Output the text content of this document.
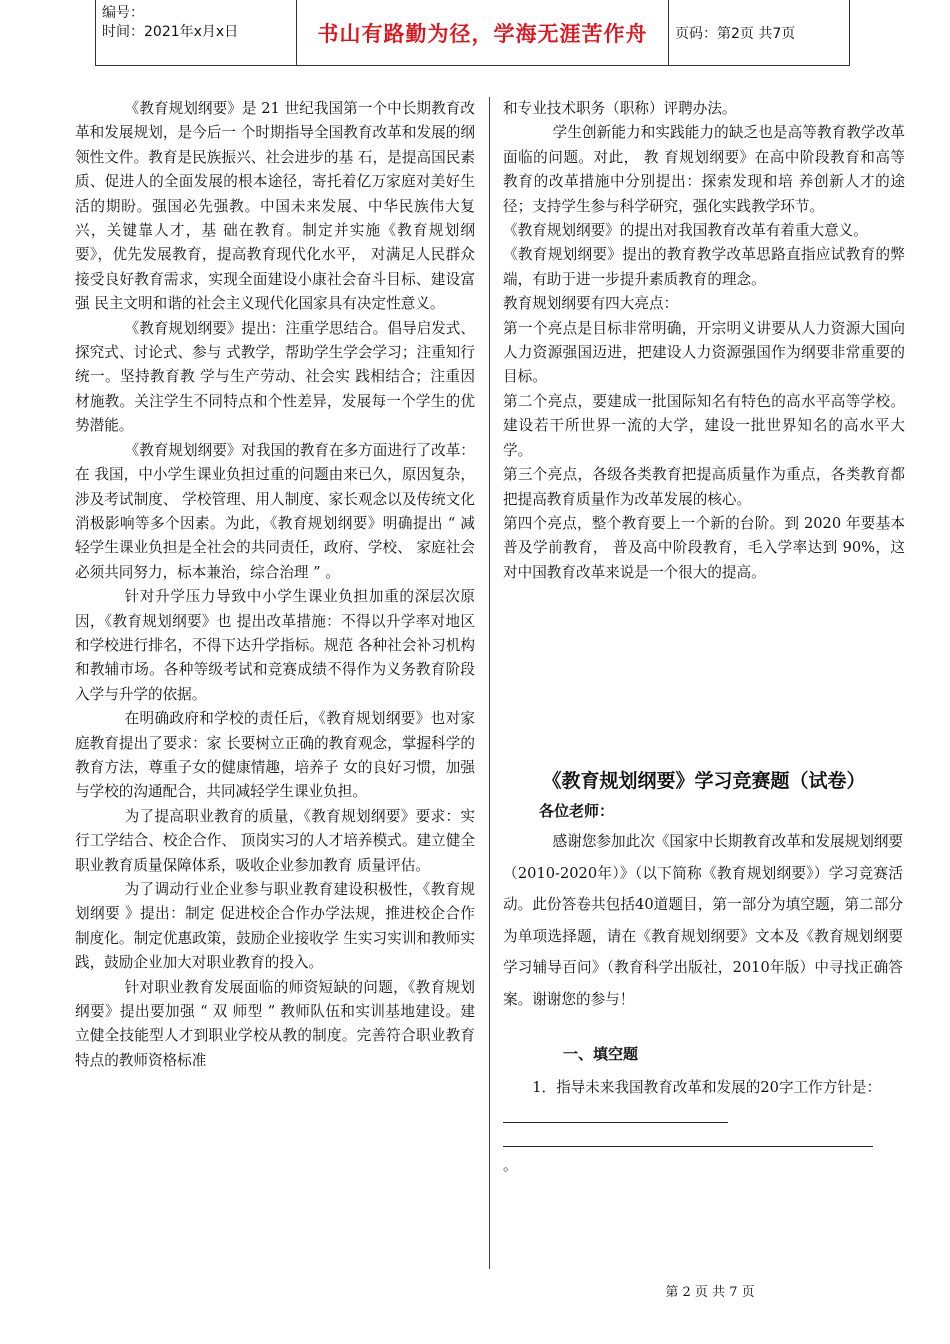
编号：
时间：2021年x月x日	书山有路勤为径，学海无涯苦作舟	页码：第2页 共7页

《教育规划纲要》是 21 世纪我国第一个中长期教育改革和发展规划，是今后一 个时期指导全国教育改革和发展的纲领性文件。教育是民族振兴、社会进步的基 石，是提高国民素质、促进人的全面发展的根本途径，寄托着亿万家庭对美好生 活的期盼。强国必先强教。中国未来发展、中华民族伟大复兴，关键靠人才，基 础在教育。制定并实施《教育规划纲要》，优先发展教育，提高教育现代化水平， 对满足人民群众接受良好教育需求，实现全面建设小康社会奋斗目标、建设富强 民主文明和谐的社会主义现代化国家具有决定性意义。

《教育规划纲要》提出：注重学思结合。倡导启发式、探究式、讨论式、参与 式教学，帮助学生学会学习；注重知行统一。坚持教育教 学与生产劳动、社会实 践相结合；注重因材施教。关注学生不同特点和个性差异，发展每一个学生的优 势潜能。

《教育规划纲要》对我国的教育在多方面进行了改革：

在 我国，中小学生课业负担过重的问题由来已久，原因复杂，涉及考试制度、 学校管理、用人制度、家长观念以及传统文化消极影响等多个因素。为此，《教育规划纲要》明确提出 “ 减轻学生课业负担是全社会的共同责任，政府、学校、 家庭社会必须共同努力，标本兼治，综合治理 ” 。

针对升学压力导致中小学生课业负担加重的深层次原因，《教育规划纲要》也 提出改革措施：不得以升学率对地区和学校进行排名，不得下达升学指标。规范 各种社会补习机构和教辅市场。各种等级考试和竞赛成绩不得作为义务教育阶段 入学与升学的依据。

在明确政府和学校的责任后，《教育规划纲要》也对家 庭教育提出了要求：家 长要树立正确的教育观念，掌握科学的教育方法，尊重子女的健康情趣，培养子 女的良好习惯，加强与学校的沟通配合，共同减轻学生课业负担。

为了提高职业教育的质量，《教育规划纲要》要求：实行工学结合、校企合作、 顶岗实习的人才培养模式。建立健全职业教育质量保障体系，吸收企业参加教育 质量评估。

为了调动行业企业参与职业教育建设积极性，《教育规划纲要 》提出：制定 促进校企合作办学法规，推进校企合作制度化。制定优惠政策，鼓励企业接收学 生实习实训和教师实践，鼓励企业加大对职业教育的投入。

针对职业教育发展面临的师资短缺的问题，《教育规划纲要》提出要加强 “ 双 师型 ” 教师队伍和实训基地建设。建立健全技能型人才到职业学校从教的制度。完善符合职业教育特点的教师资格标准

和专业技术职务（职称）评聘办法。

学生创新能力和实践能力的缺乏也是高等教育教学改革面临的问题。对此， 教 育规划纲要》在高中阶段教育和高等教育的改革措施中分别提出：探索发现和培 养创新人才的途径；支持学生参与科学研究，强化实践教学环节。

《教育规划纲要》的提出对我国教育改革有着重大意义。

《教育规划纲要》提出的教育教学改革思路直指应试教育的弊端，有助于进一步提升素质教育的理念。

教育规划纲要有四大亮点：

第一个亮点是目标非常明确，开宗明义讲要从人力资源大国向人力资源强国迈进，把建设人力资源强国作为纲要非常重要的目标。

第二个亮点，要建成一批国际知名有特色的高水平高等学校。建设若干所世界一流的大学，建设一批世界知名的高水平大学。

第三个亮点，各级各类教育把提高质量作为重点，各类教育都把提高教育质量作为改革发展的核心。

第四个亮点，整个教育要上一个新的台阶。到 2020 年要基本普及学前教育， 普及高中阶段教育，毛入学率达到 90%，这对中国教育改革来说是一个很大的提高。

《教育规划纲要》学习竞赛题（试卷）
各位老师：
感谢您参加此次《国家中长期教育改革和发展规划纲要（2010-2020年）》（以下简称《教育规划纲要》）学习竞赛活动。此份答卷共包括40道题目，第一部分为填空题，第二部分为单项选择题，请在《教育规划纲要》文本及《教育规划纲要学习辅导百问》（教育科学出版社，2010年版）中寻找正确答案。谢谢您的参与！
一、填空题
1．指导未来我国教育改革和发展的20字工作方针是：
。
第 2 页 共 7 页
